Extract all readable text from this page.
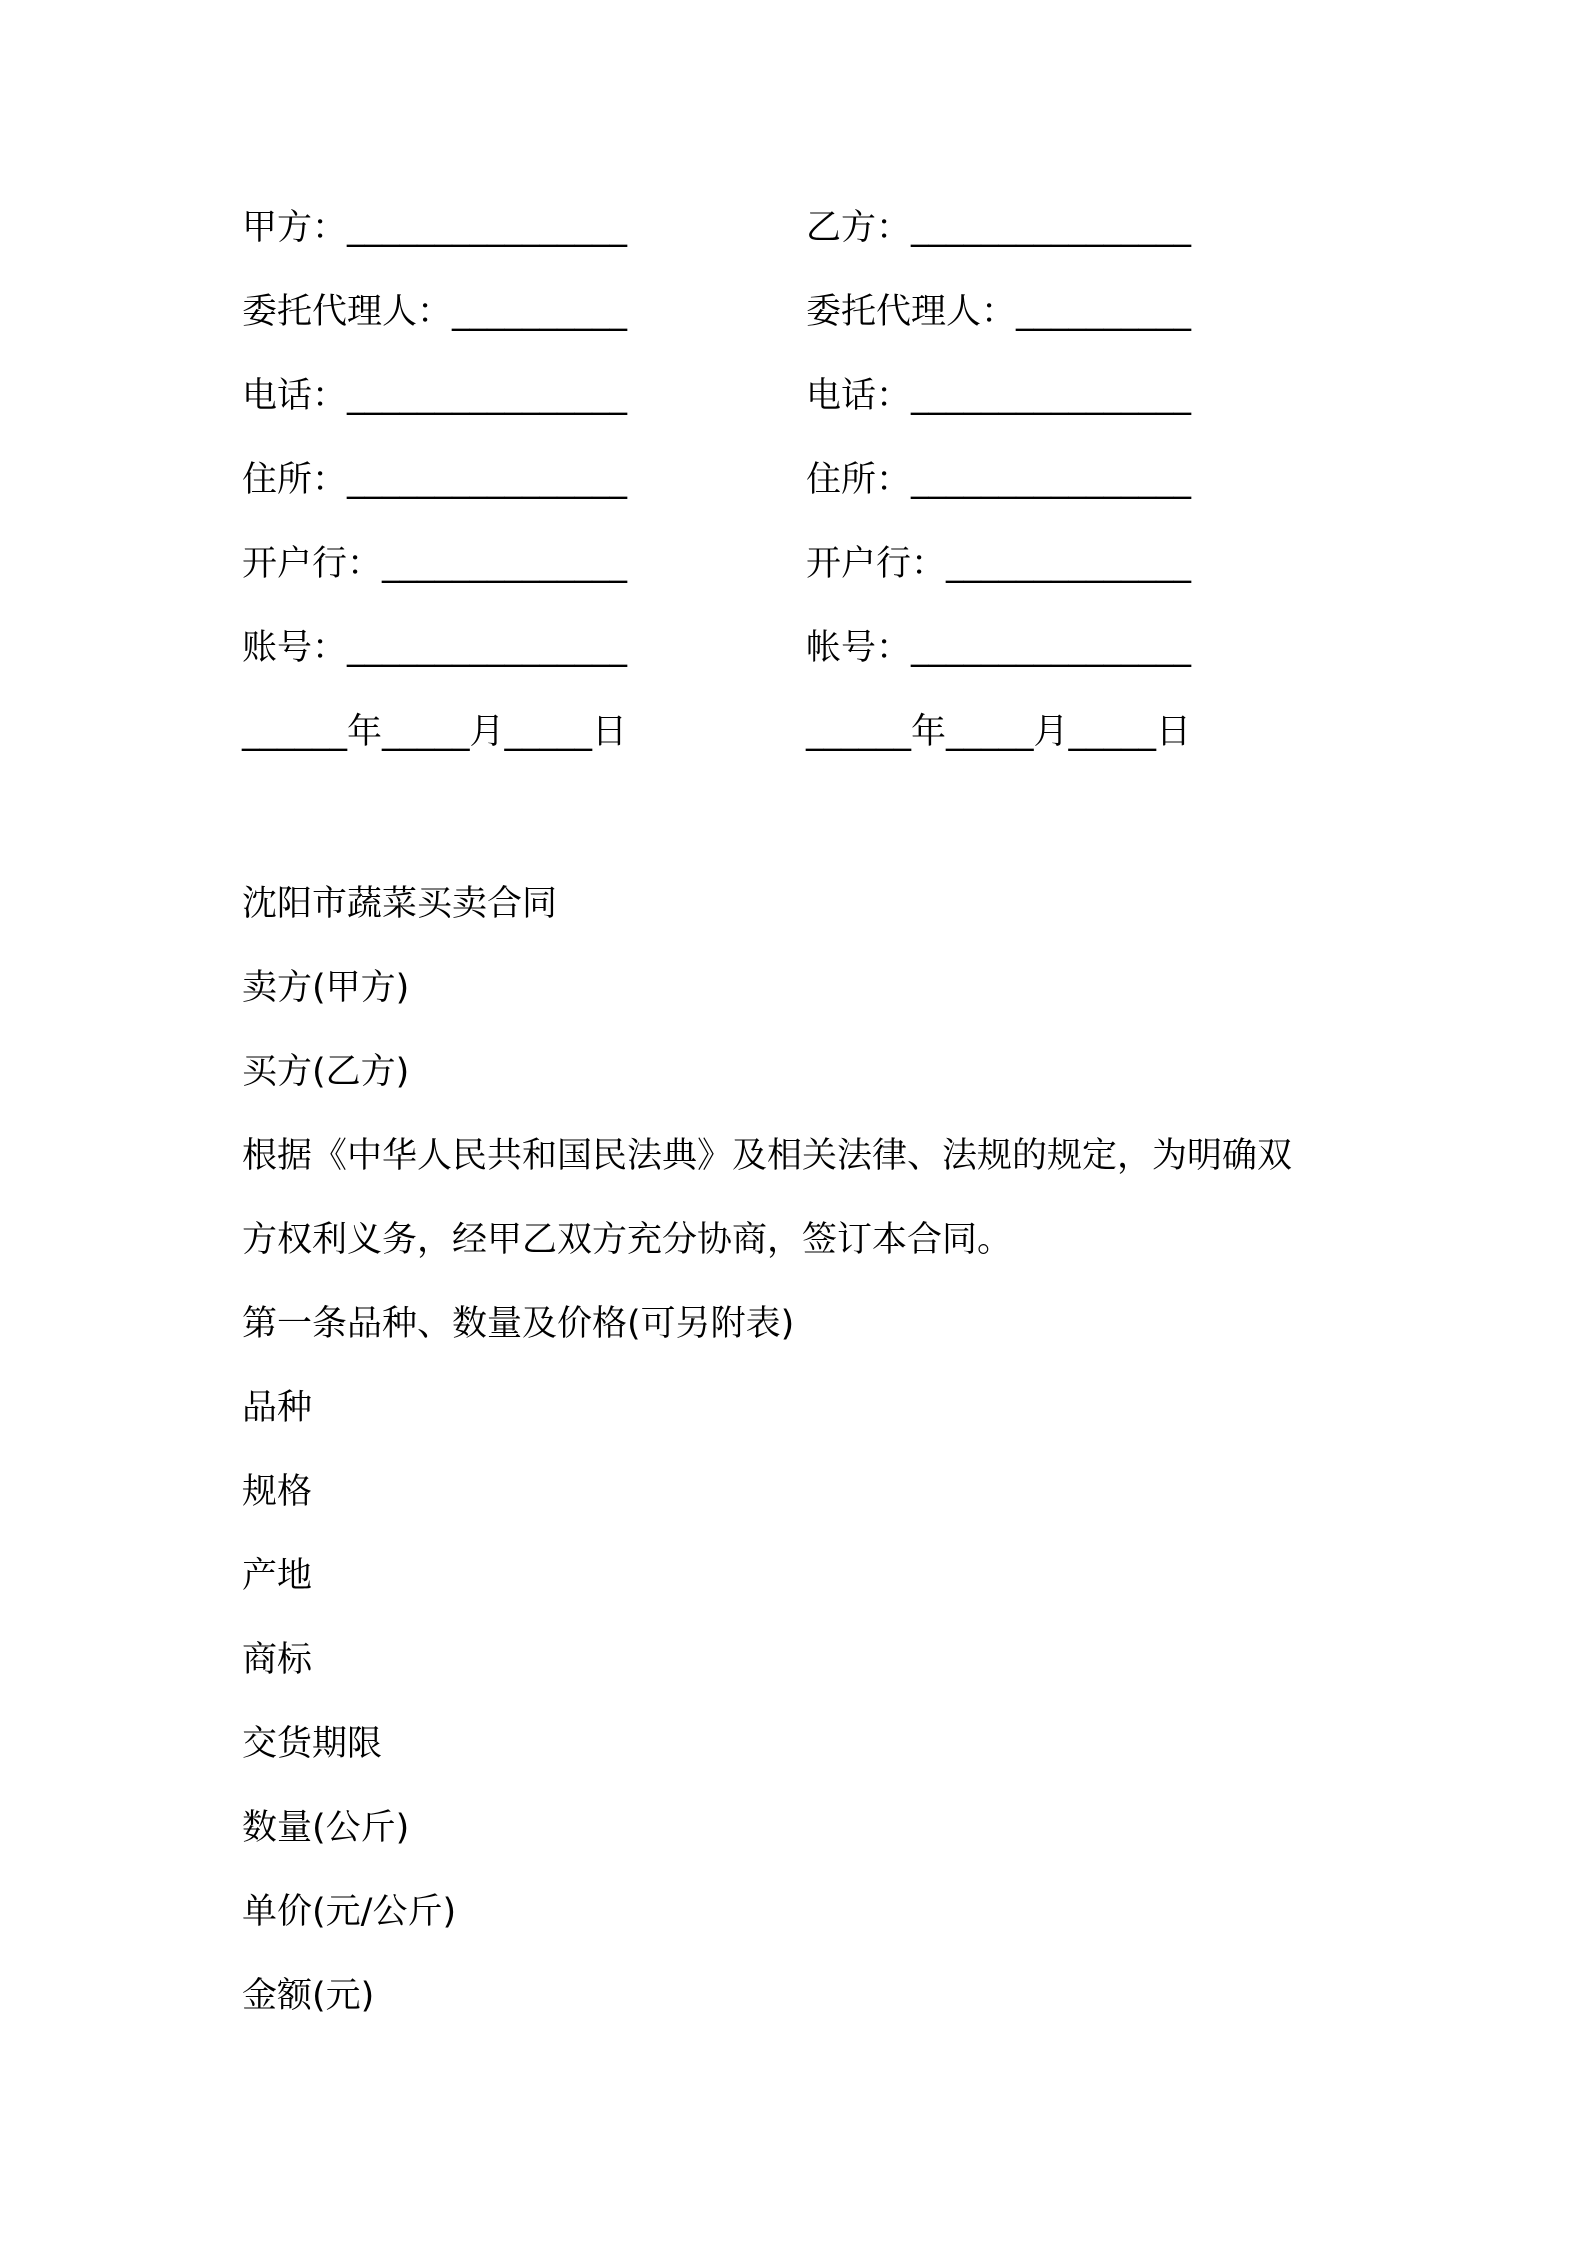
甲方：________________	乙方：________________
委托代理人：__________	委托代理人：__________
电话：________________	电话：________________
住所：________________	住所：________________
开户行：______________	开户行：______________
账号：________________	帐号：________________
______年_____月_____日	______年_____月_____日
沈阳市蔬菜买卖合同
卖方(甲方)
买方(乙方)
根据《中华人民共和国民法典》及相关法律、法规的规定，为明确双
方权利义务，经甲乙双方充分协商，签订本合同。
第一条品种、数量及价格(可另附表)
品种
规格
产地
商标
交货期限
数量(公斤)
单价(元/公斤)
金额(元)
